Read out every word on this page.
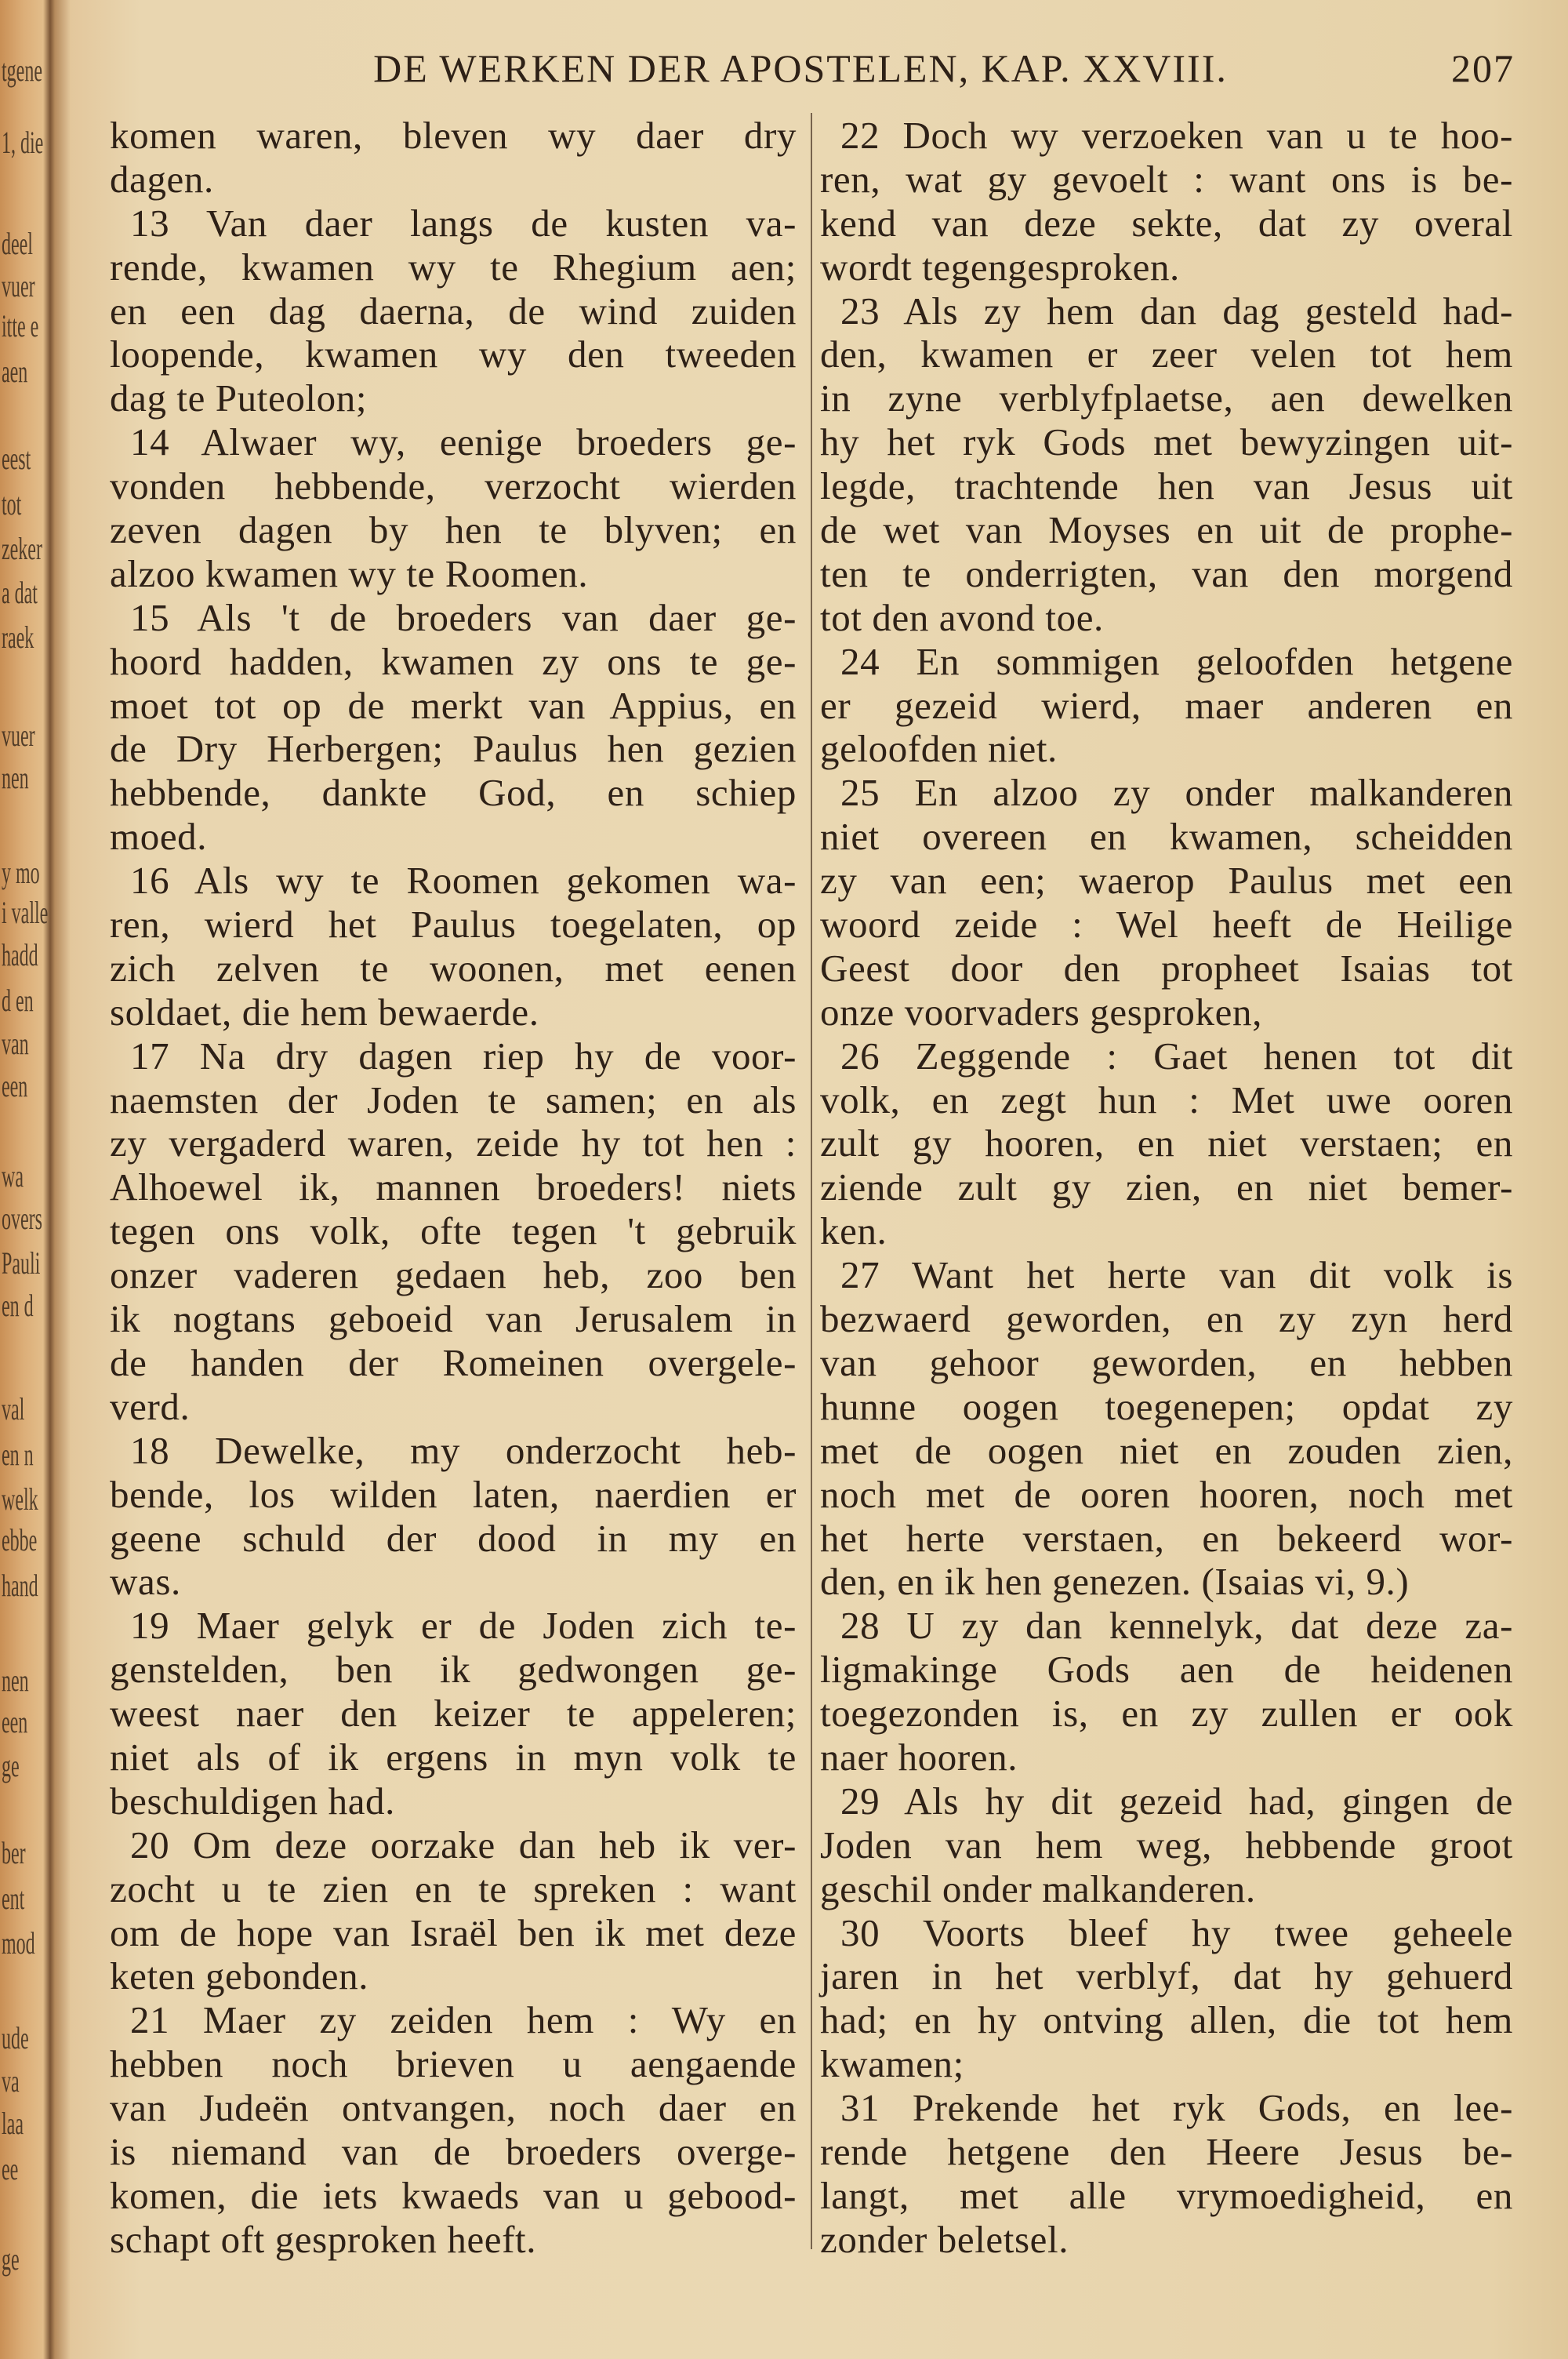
tgene
1, die
deel
vuer
itte e
aen
eest
tot
zeker
a dat
raek
vuer
nen
y mo
i valle
hadd
d en
van
een
wa
overs
Pauli
en d
val
en n
welk
ebbe
hand
nen
een
ge
ber
ent
mod
ude
va
laa
ee
ge
DE WERKEN DER APOSTELEN, KAP. XXVIII.	207
komen waren, bleven wy daer dry
dagen.
13 Van daer langs de kusten va-
rende, kwamen wy te Rhegium aen;
en een dag daerna, de wind zuiden
loopende, kwamen wy den tweeden
dag te Puteolon;
14 Alwaer wy, eenige broeders ge-
vonden hebbende, verzocht wierden
zeven dagen by hen te blyven; en
alzoo kwamen wy te Roomen.
15 Als 't de broeders van daer ge-
hoord hadden, kwamen zy ons te ge-
moet tot op de merkt van Appius, en
de Dry Herbergen; Paulus hen gezien
hebbende, dankte God, en schiep
moed.
16 Als wy te Roomen gekomen wa-
ren, wierd het Paulus toegelaten, op
zich zelven te woonen, met eenen
soldaet, die hem bewaerde.
17 Na dry dagen riep hy de voor-
naemsten der Joden te samen; en als
zy vergaderd waren, zeide hy tot hen :
Alhoewel ik, mannen broeders! niets
tegen ons volk, ofte tegen 't gebruik
onzer vaderen gedaen heb, zoo ben
ik nogtans geboeid van Jerusalem in
de handen der Romeinen overgele-
verd.
18 Dewelke, my onderzocht heb-
bende, los wilden laten, naerdien er
geene schuld der dood in my en
was.
19 Maer gelyk er de Joden zich te-
genstelden, ben ik gedwongen ge-
weest naer den keizer te appeleren;
niet als of ik ergens in myn volk te
beschuldigen had.
20 Om deze oorzake dan heb ik ver-
zocht u te zien en te spreken : want
om de hope van Israël ben ik met deze
keten gebonden.
21 Maer zy zeiden hem : Wy en
hebben noch brieven u aengaende
van Judeën ontvangen, noch daer en
is niemand van de broeders overge-
komen, die iets kwaeds van u gebood-
schapt oft gesproken heeft.
22 Doch wy verzoeken van u te hoo-
ren, wat gy gevoelt : want ons is be-
kend van deze sekte, dat zy overal
wordt tegengesproken.
23 Als zy hem dan dag gesteld had-
den, kwamen er zeer velen tot hem
in zyne verblyfplaetse, aen dewelken
hy het ryk Gods met bewyzingen uit-
legde, trachtende hen van Jesus uit
de wet van Moyses en uit de prophe-
ten te onderrigten, van den morgend
tot den avond toe.
24 En sommigen geloofden hetgene
er gezeid wierd, maer anderen en
geloofden niet.
25 En alzoo zy onder malkanderen
niet overeen en kwamen, scheidden
zy van een; waerop Paulus met een
woord zeide : Wel heeft de Heilige
Geest door den propheet Isaias tot
onze voorvaders gesproken,
26 Zeggende : Gaet henen tot dit
volk, en zegt hun : Met uwe ooren
zult gy hooren, en niet verstaen; en
ziende zult gy zien, en niet bemer-
ken.
27 Want het herte van dit volk is
bezwaerd geworden, en zy zyn herd
van gehoor geworden, en hebben
hunne oogen toegenepen; opdat zy
met de oogen niet en zouden zien,
noch met de ooren hooren, noch met
het herte verstaen, en bekeerd wor-
den, en ik hen genezen. (Isaias vi, 9.)
28 U zy dan kennelyk, dat deze za-
ligmakinge Gods aen de heidenen
toegezonden is, en zy zullen er ook
naer hooren.
29 Als hy dit gezeid had, gingen de
Joden van hem weg, hebbende groot
geschil onder malkanderen.
30 Voorts bleef hy twee geheele
jaren in het verblyf, dat hy gehuerd
had; en hy ontving allen, die tot hem
kwamen;
31 Prekende het ryk Gods, en lee-
rende hetgene den Heere Jesus be-
langt, met alle vrymoedigheid, en
zonder beletsel.
